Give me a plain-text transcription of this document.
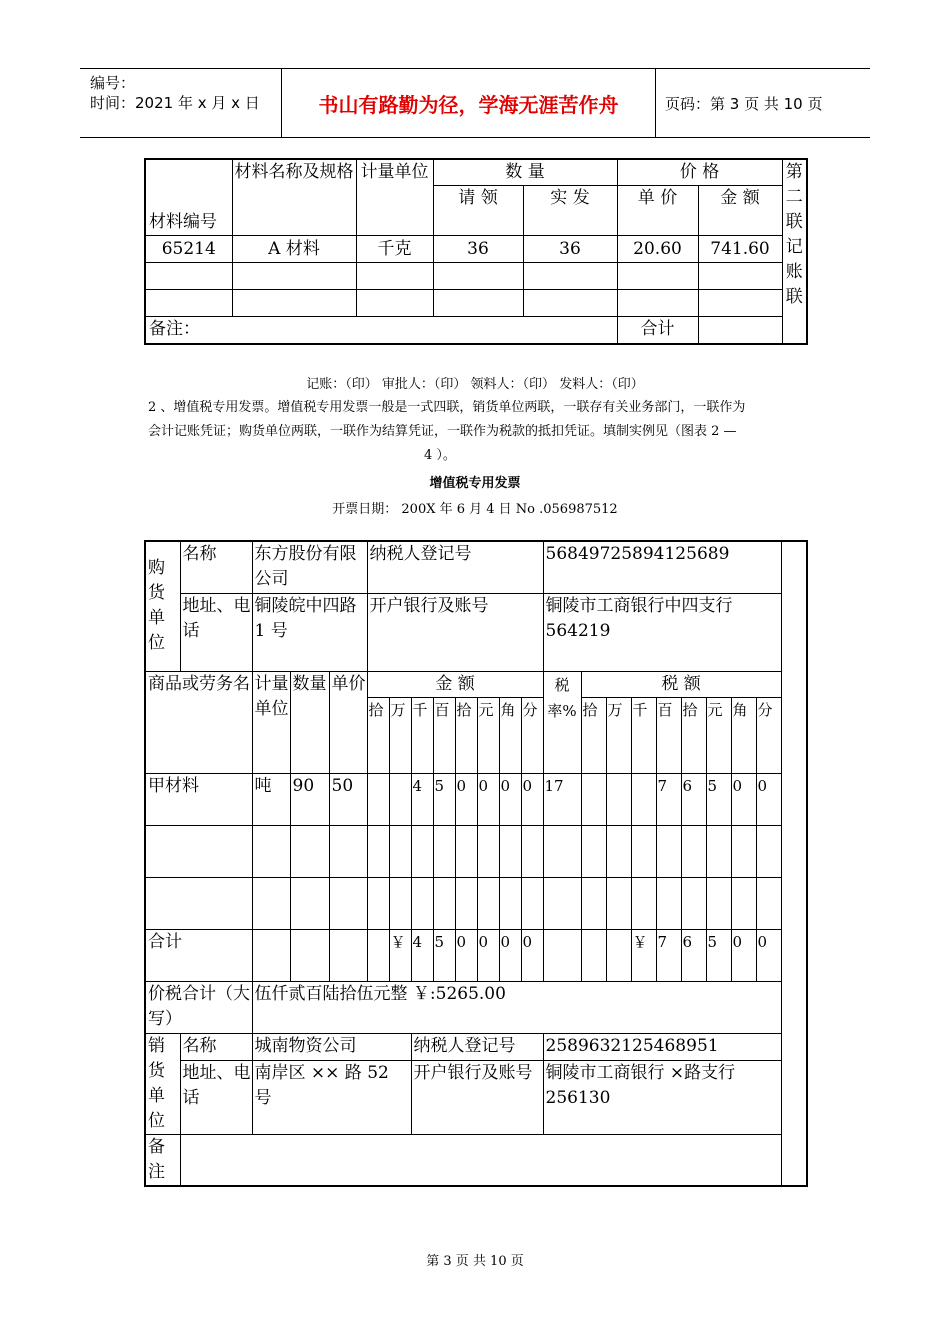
编号：
时间：2021 年 x 月 x 日	书山有路勤为径，学海无涯苦作舟	页码：第 3 页 共 10 页
材料编号	材料名称及规格	计量单位	数 量		价 格		第二联 记账联
			请 领	实 发	单 价	金 额	
65214	A 材料	千克	36	36	20.60	741.60	

备注：					合计		
记账：（印） 审批人：（印） 领料人：（印） 发料人：（印）
2 、增值税专用发票。增值税专用发票一般是一式四联，销货单位两联，一联存有关业务部门，一联作为
会计记账凭证；购货单位两联，一联作为结算凭证，一联作为税款的抵扣凭证。填制实例见（图表 2 —
4 ）。
增值税专用发票
开票日期： 200X 年 6 月 4 日 No .056987512
购货单位	名称	东方股份有限公司			纳税人登记号								56849725894125689										
	地址、电话	铜陵皖中四路 1 号			开户银行及账号								铜陵市工商银行中四支行 564219										
商品或劳务名		计量单位	数量	单价	金 额								税率%	税 额									
					拾	万	千	百	拾	元	角	分		拾	万	千	百	拾	元	角	分		
甲材料		吨	90	50			4	5	0	0	0	0	17				7	6	5	0	0		

合计						￥	4	5	0	0	0	0				￥	7	6	5	0	0		
价税合计（大写）		伍仟贰百陆拾伍元整 ￥:5265.00																					
销货单位	名称	城南物资公司					纳税人登记号						2589632125468951										
	地址、电话	南岸区 ×× 路 52 号					开户银行及账号						铜陵市工商银行 ×路支行 256130										
备注																							
第 3 页 共 10 页
